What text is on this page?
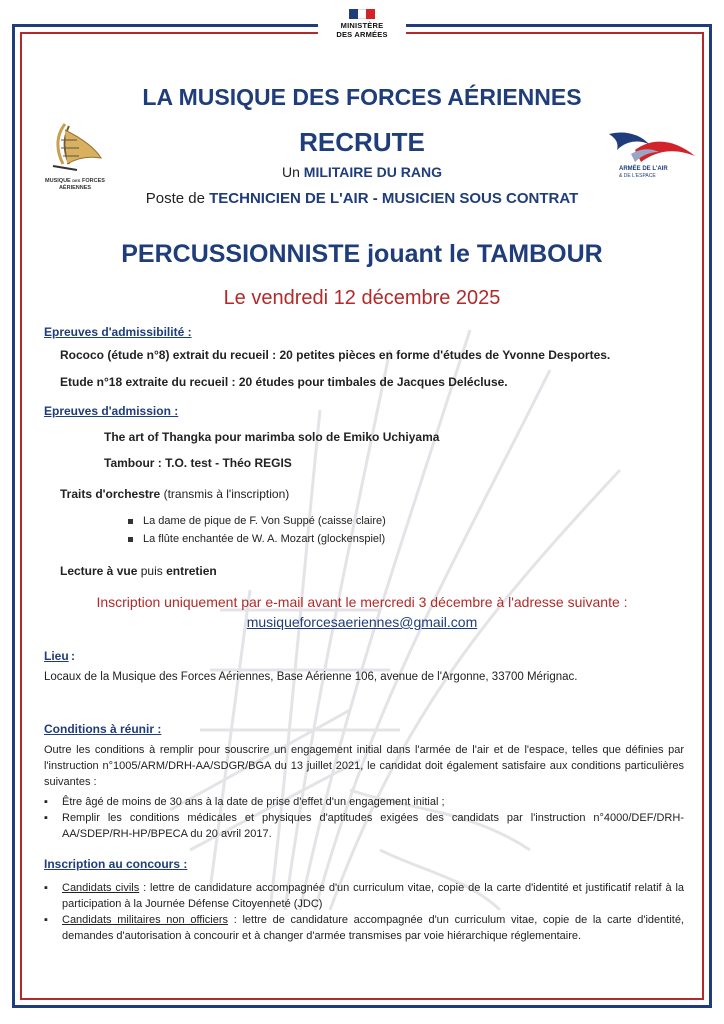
MINISTÈRE
DES ARMÉES
MUSIQUE DES FORCES
AÉRIENNES
ARMÉE DE L'AIR
& DE L'ESPACE
LA MUSIQUE DES FORCES AÉRIENNES
RECRUTE
Un MILITAIRE DU RANG
Poste de TECHNICIEN DE L'AIR - MUSICIEN SOUS CONTRAT
PERCUSSIONNISTE jouant le TAMBOUR
Le vendredi 12 décembre 2025
Epreuves d'admissibilité :
Rococo (étude n°8) extrait du recueil : 20 petites pièces en forme d'études de Yvonne Desportes.
Etude n°18 extraite du recueil : 20 études pour timbales de Jacques Delécluse.
Epreuves d'admission :
The art of Thangka pour marimba solo de Emiko Uchiyama
Tambour : T.O. test - Théo REGIS
Traits d'orchestre (transmis à l'inscription)
La dame de pique de F. Von Suppé (caisse claire)
La flûte enchantée de W. A. Mozart (glockenspiel)
Lecture à vue puis entretien
Inscription uniquement par e-mail avant le mercredi 3 décembre à l'adresse suivante :
musiqueforcesaeriennes@gmail.com
Lieu :
Locaux de la Musique des Forces Aériennes, Base Aérienne 106, avenue de l'Argonne, 33700 Mérignac.
Conditions à réunir :
Outre les conditions à remplir pour souscrire un engagement initial dans l'armée de l'air et de l'espace, telles que définies par l'instruction n°1005/ARM/DRH-AA/SDGR/BGA du 13 juillet 2021, le candidat doit également satisfaire aux conditions particulières suivantes :
▪ Être âgé de moins de 30 ans à la date de prise d'effet d'un engagement initial ;
▪ Remplir les conditions médicales et physiques d'aptitudes exigées des candidats par l'instruction n°4000/DEF/DRH-AA/SDEP/RH-HP/BPECA du 20 avril 2017.
Inscription au concours :
▪ Candidats civils : lettre de candidature accompagnée d'un curriculum vitae, copie de la carte d'identité et justificatif relatif à la participation à la Journée Défense Citoyenneté (JDC)
▪ Candidats militaires non officiers : lettre de candidature accompagnée d'un curriculum vitae, copie de la carte d'identité, demandes d'autorisation à concourir et à changer d'armée transmises par voie hiérarchique réglementaire.
